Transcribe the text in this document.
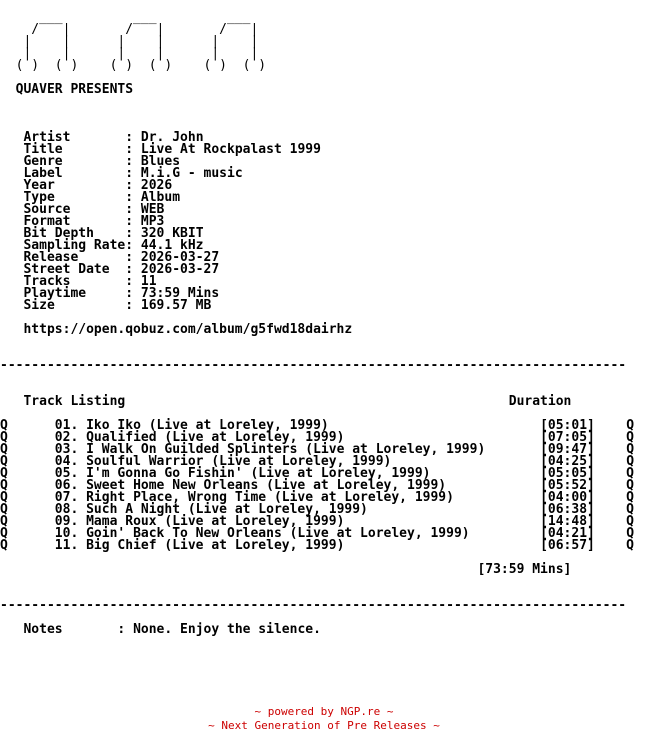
___         ___         ___
/   |       /   |       /   |
|    |      |    |      |    |
|    |      |    |      |    |
( )  ( )    ( )  ( )    ( )  ( )

QUAVER PRESENTS

Artist       : Dr. John
Title        : Live At Rockpalast 1999
Genre        : Blues
Label        : M.i.G - music
Year         : 2026
Type         : Album
Source       : WEB
Format       : MP3
Bit Depth    : 320 KBIT
Sampling Rate: 44.1 kHz
Release      : 2026-03-27
Street Date  : 2026-03-27
Tracks       : 11
Playtime     : 73:59 Mins
Size         : 169.57 MB

https://open.qobuz.com/album/g5fwd18dairhz

--------------------------------------------------------------------------------

Track Listing	Duration

Q	01. Iko Iko (Live at Loreley, 1999)	[05:01] Q
Q	02. Qualified (Live at Loreley, 1999)	[07:05] Q
Q	03. I Walk On Guilded Splinters (Live at Loreley, 1999)	[09:47] Q
Q	04. Soulful Warrior (Live at Loreley, 1999)	[04:25] Q
Q	05. I'm Gonna Go Fishin' (Live at Loreley, 1999)	[05:05] Q
Q	06. Sweet Home New Orleans (Live at Loreley, 1999)	[05:52] Q
Q	07. Right Place, Wrong Time (Live at Loreley, 1999)	[04:00] Q
Q	08. Such A Night (Live at Loreley, 1999)	[06:38] Q
Q	09. Mama Roux (Live at Loreley, 1999)	[14:48] Q
Q	10. Goin' Back To New Orleans (Live at Loreley, 1999)	[04:21] Q
Q	11. Big Chief (Live at Loreley, 1999)	[06:57] Q

[73:59 Mins]

--------------------------------------------------------------------------------

Notes       : None. Enjoy the silence.
~ powered by NGP.re ~
~ Next Generation of Pre Releases ~
